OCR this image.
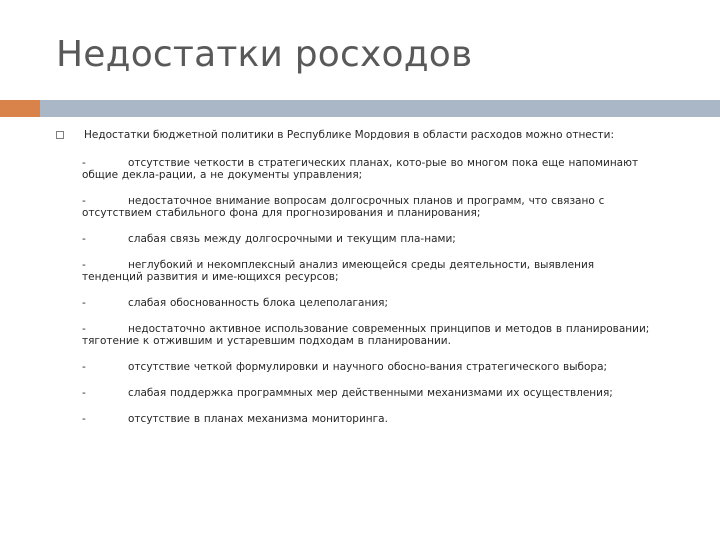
Недостатки росходов
Недостатки бюджетной политики в Республике Мордовия в области расходов можно отнести:
-	отсутствие четкости в стратегических планах, кото-рые во многом пока еще напоминают общие декла-рации, а не документы управления;
-	недостаточное внимание вопросам долгосрочных планов и программ, что связано с отсутствием стабильного фона для прогнозирования и планирования;
-	слабая связь между долгосрочными и текущим пла-нами;
-	неглубокий и некомплексный анализ имеющейся среды деятельности, выявления тенденций развития и име-ющихся ресурсов;
-	слабая обоснованность блока целеполагания;
-	недостаточно активное использование современных принципов и методов в планировании; тяготение к отжившим и устаревшим подходам в планировании.
-	отсутствие четкой формулировки и научного обосно-вания стратегического выбора;
-	слабая поддержка программных мер действенными механизмами их осуществления;
-	отсутствие в планах механизма мониторинга.
